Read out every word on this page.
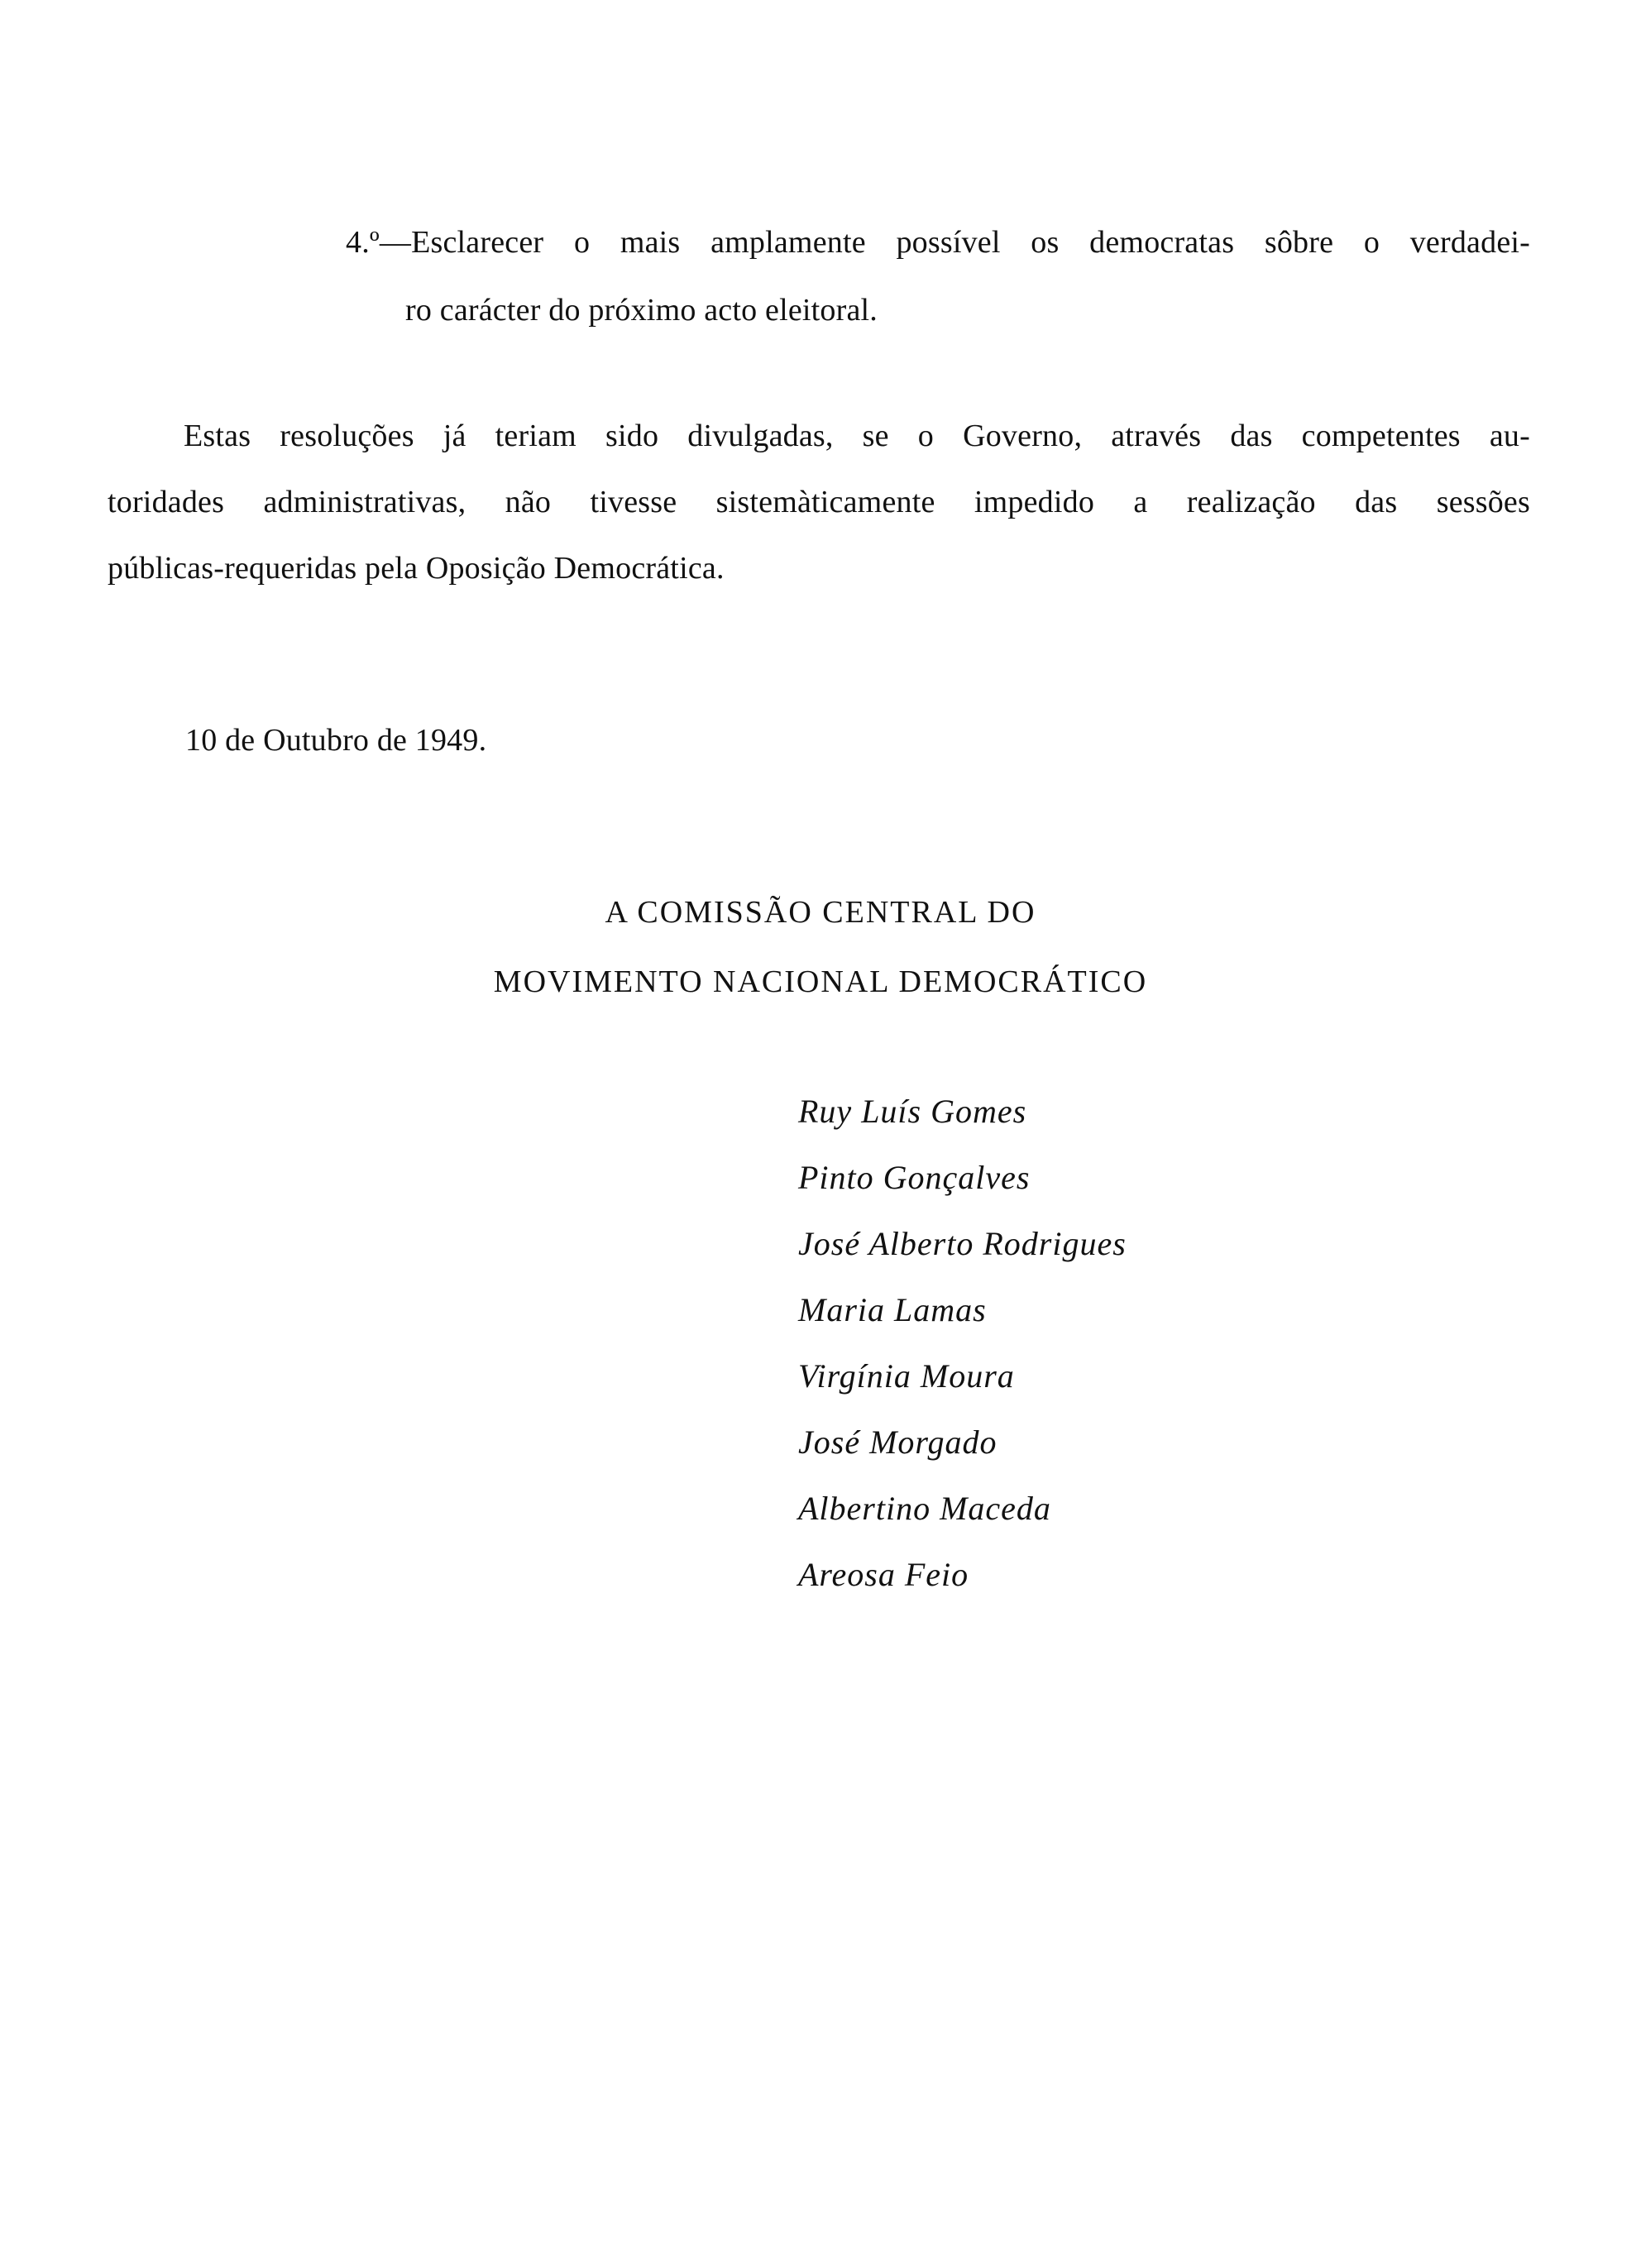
4.º—Esclarecer o mais amplamente possível os democratas sôbre o verdadei-
ro carácter do próximo acto eleitoral.
Estas resoluções já teriam sido divulgadas, se o Governo, através das competentes au-
toridades administrativas, não tivesse sistemàticamente impedido a realização das sessões
públicas-requeridas pela Oposição Democrática.
10 de Outubro de 1949.
A COMISSÃO CENTRAL DO
MOVIMENTO NACIONAL DEMOCRÁTICO
Ruy Luís Gomes
Pinto Gonçalves
José Alberto Rodrigues
Maria Lamas
Virgínia Moura
José Morgado
Albertino Maceda
Areosa Feio
